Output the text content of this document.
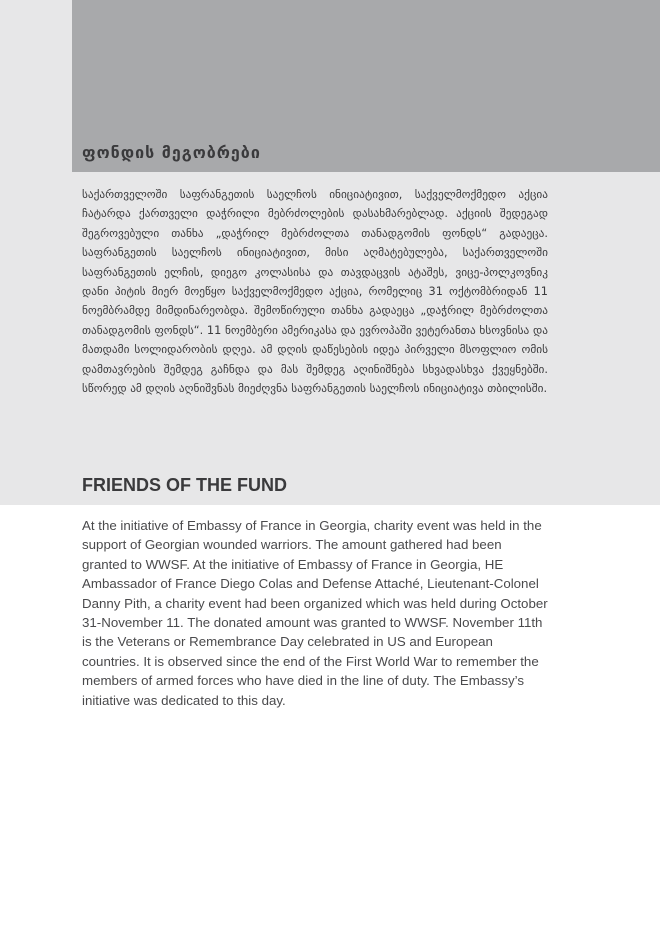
ფონდის მეგობრები

საქართველოში საფრანგეთის საელჩოს ინიციატივით, საქველმოქმედო აქცია ჩატარდა ქართველი დაჭრილი მებრძოლების დასახმარებლად. აქციის შედეგად შეგროვებული თანხა „დაჭრილ მებრძოლთა თანადგომის ფონდს“ გადაეცა. საფრანგეთის საელჩოს ინიციატივით, მისი აღმატებულება, საქართველოში საფრანგეთის ელჩის, დიეგო კოლასისა და თავდაცვის ატაშეს, ვიცე-პოლკოვნიკ დანი პიტის მიერ მოეწყო საქველმოქმედო აქცია, რომელიც 31 ოქტომბრიდან 11 ნოემბრამდე მიმდინარეობდა. შემოწირული თანხა გადაეცა „დაჭრილ მებრძოლთა თანადგომის ფონდს“. 11 ნოემბერი ამერიკასა და ევროპაში ვეტერანთა ხსოვნისა და მათდამი სოლიდარობის დღეა. ამ დღის დაწესების იდეა პირველი მსოფლიო ომის დამთავრების შემდეგ გაჩნდა და მას შემდეგ აღინიშნება სხვადასხვა ქვეყნებში. სწორედ ამ დღის აღნიშვნას მიეძღვნა საფრანგეთის საელჩოს ინიციატივა თბილისში.

FRIENDS OF THE FUND

At the initiative of Embassy of France in Georgia, charity event was held in the support of Georgian wounded warriors. The amount gathered had been granted to WWSF. At the initiative of Embassy of France in Georgia, HE Ambassador of France Diego Colas and Defense Attaché, Lieutenant-Colonel Danny Pith, a charity event had been organized which was held during October 31-November 11. The donated amount was granted to WWSF. November 11th is the Veterans or Remembrance Day celebrated in US and European countries. It is observed since the end of the First World War to remember the members of armed forces who have died in the line of duty. The Embassy’s initiative was dedicated to this day.
